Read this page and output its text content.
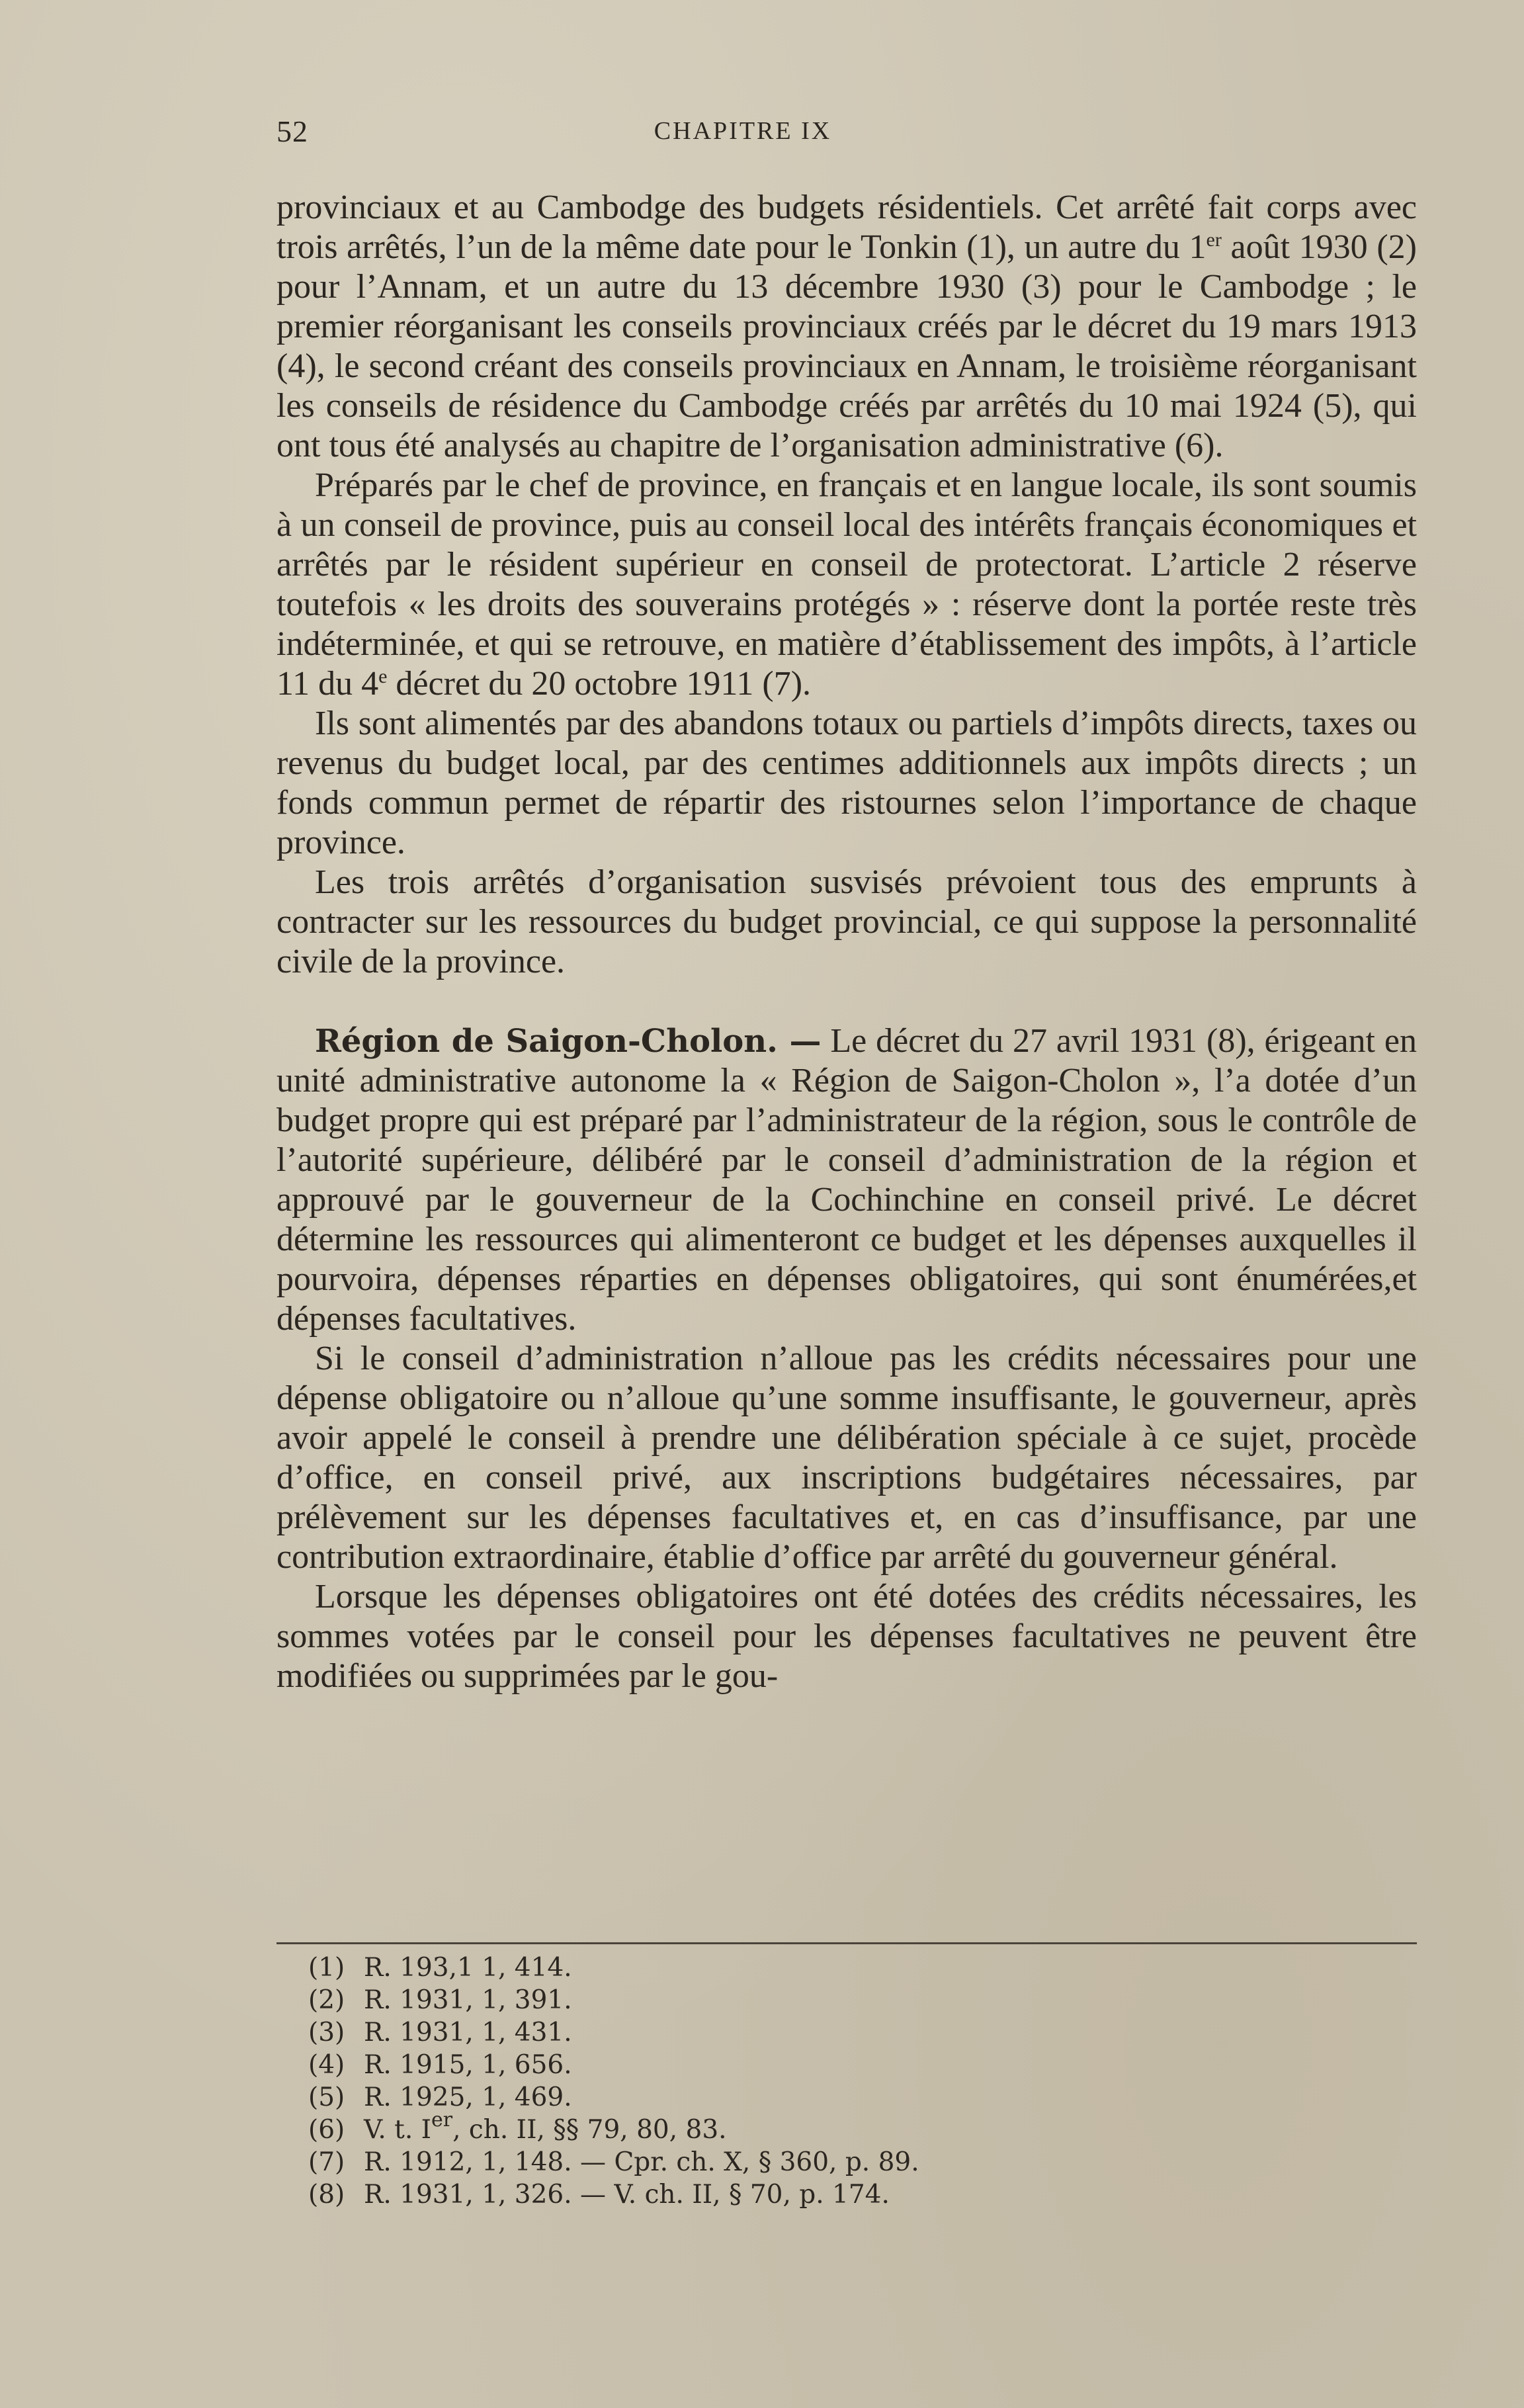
52	CHAPITRE IX

provinciaux et au Cambodge des budgets résidentiels. Cet arrêté fait corps avec trois arrêtés, l’un de la même date pour le Tonkin (1), un autre du 1er août 1930 (2) pour l’Annam, et un autre du 13 décembre 1930 (3) pour le Cambodge ; le premier réorganisant les conseils provinciaux créés par le décret du 19 mars 1913 (4), le second créant des conseils provinciaux en Annam, le troisième réorganisant les conseils de résidence du Cambodge créés par arrêtés du 10 mai 1924 (5), qui ont tous été analysés au chapitre de l’organisation administrative (6).

Préparés par le chef de province, en français et en langue locale, ils sont soumis à un conseil de province, puis au conseil local des intérêts français économiques et arrêtés par le résident supérieur en conseil de protectorat. L’article 2 réserve toutefois « les droits des souverains protégés » : réserve dont la portée reste très indéterminée, et qui se retrouve, en matière d’établissement des impôts, à l’article 11 du 4e décret du 20 octobre 1911 (7).

Ils sont alimentés par des abandons totaux ou partiels d’impôts directs, taxes ou revenus du budget local, par des centimes additionnels aux impôts directs ; un fonds commun permet de répartir des ristournes selon l’importance de chaque province.

Les trois arrêtés d’organisation susvisés prévoient tous des emprunts à contracter sur les ressources du budget provincial, ce qui suppose la personnalité civile de la province.

Région de Saigon-Cholon. — Le décret du 27 avril 1931 (8), érigeant en unité administrative autonome la « Région de Saigon-Cholon », l’a dotée d’un budget propre qui est préparé par l’administrateur de la région, sous le contrôle de l’autorité supérieure, délibéré par le conseil d’administration de la région et approuvé par le gouverneur de la Cochinchine en conseil privé. Le décret détermine les ressources qui alimenteront ce budget et les dépenses auxquelles il pourvoira, dépenses réparties en dépenses obligatoires, qui sont énumérées,et dépenses facultatives.

Si le conseil d’administration n’alloue pas les crédits nécessaires pour une dépense obligatoire ou n’alloue qu’une somme insuffisante, le gouverneur, après avoir appelé le conseil à prendre une délibération spéciale à ce sujet, procède d’office, en conseil privé, aux inscriptions budgétaires nécessaires, par prélèvement sur les dépenses facultatives et, en cas d’insuffisance, par une contribution extraordinaire, établie d’office par arrêté du gouverneur général.

Lorsque les dépenses obligatoires ont été dotées des crédits nécessaires, les sommes votées par le conseil pour les dépenses facultatives ne peuvent être modifiées ou supprimées par le gou-

(1) R. 193,1 1, 414.
(2) R. 1931, 1, 391.
(3) R. 1931, 1, 431.
(4) R. 1915, 1, 656.
(5) R. 1925, 1, 469.
(6) V. t. Ier, ch. II, §§ 79, 80, 83.
(7) R. 1912, 1, 148. — Cpr. ch. X, § 360, p. 89.
(8) R. 1931, 1, 326. — V. ch. II, § 70, p. 174.
